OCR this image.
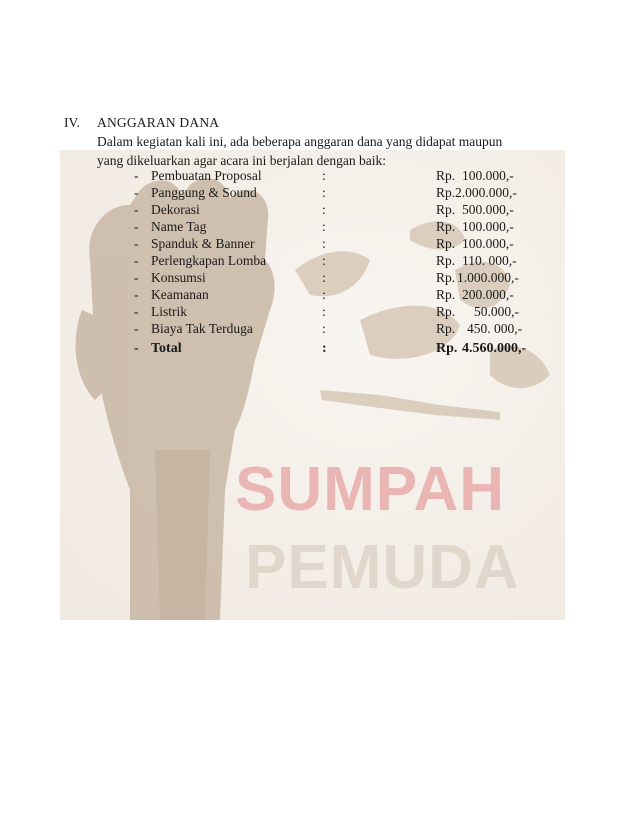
SUMPAH
PEMUDA
IV. ANGGARAN DANA
Dalam kegiatan kali ini, ada beberapa anggaran dana yang didapat maupun
yang dikeluarkan agar acara ini berjalan dengan baik:
- Pembuatan Proposal	:	Rp. 100.000,-
- Panggung & Sound	:	Rp. 2.000.000,-
- Dekorasi	:	Rp. 500.000,-
- Name Tag	:	Rp. 100.000,-
- Spanduk & Banner	:	Rp. 100.000,-
- Perlengkapan Lomba	:	Rp. 110. 000,-
- Konsumsi	:	Rp. 1.000.000,-
- Keamanan	:	Rp. 200.000,-
- Listrik	:	Rp. 50.000,-
- Biaya Tak Terduga	:	Rp. 450. 000,-
- Total	:	Rp. 4.560.000,-
